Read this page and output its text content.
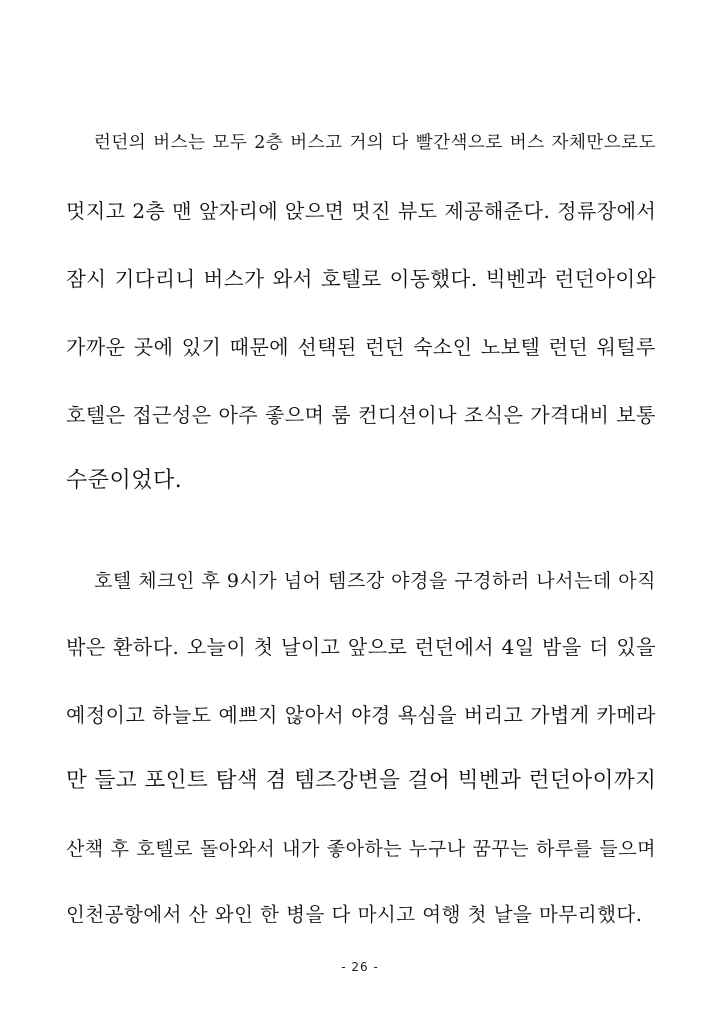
런던의 버스는 모두 2층 버스고 거의 다 빨간색으로 버스 자체만으로도
멋지고 2층 맨 앞자리에 앉으면 멋진 뷰도 제공해준다. 정류장에서
잠시 기다리니 버스가 와서 호텔로 이동했다. 빅벤과 런던아이와
가까운 곳에 있기 때문에 선택된 런던 숙소인 노보텔 런던 워털루
호텔은 접근성은 아주 좋으며 룸 컨디션이나 조식은 가격대비 보통
수준이었다.
호텔 체크인 후 9시가 넘어 템즈강 야경을 구경하러 나서는데 아직
밖은 환하다. 오늘이 첫 날이고 앞으로 런던에서 4일 밤을 더 있을
예정이고 하늘도 예쁘지 않아서 야경 욕심을 버리고 가볍게 카메라
만 들고 포인트 탐색 겸 템즈강변을 걸어 빅벤과 런던아이까지
산책 후 호텔로 돌아와서 내가 좋아하는 누구나 꿈꾸는 하루를 들으며
인천공항에서 산 와인 한 병을 다 마시고 여행 첫 날을 마무리했다.
- 26 -
